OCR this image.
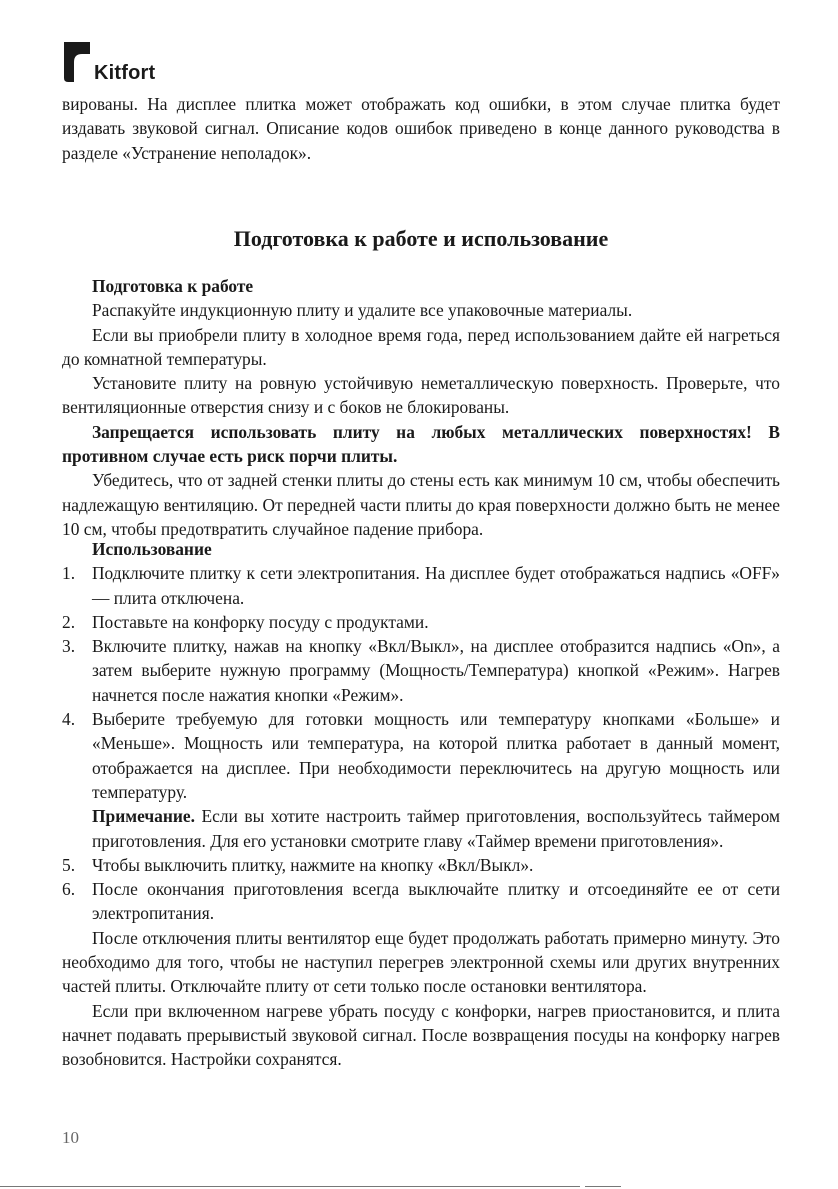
Kitfort

вированы. На дисплее плитка может отображать код ошибки, в этом случае плитка будет издавать звуковой сигнал. Описание кодов ошибок приведено в конце данного руководства в разделе «Устранение неполадок».

Подготовка к работе и использование

Подготовка к работе

Распакуйте индукционную плиту и удалите все упаковочные материалы.

Если вы приобрели плиту в холодное время года, перед использованием дайте ей нагреться до комнатной температуры.

Установите плиту на ровную устойчивую неметаллическую поверхность. Проверьте, что вентиляционные отверстия снизу и с боков не блокированы.

Запрещается использовать плиту на любых металлических поверхностях! В противном случае есть риск порчи плиты.

Убедитесь, что от задней стенки плиты до стены есть как минимум 10 см, чтобы обеспечить надлежащую вентиляцию. От передней части плиты до края поверхности должно быть не менее 10 см, чтобы предотвратить случайное падение прибора.

Использование

1. Подключите плитку к сети электропитания. На дисплее будет отображаться надпись «OFF» — плита отключена.
2. Поставьте на конфорку посуду с продуктами.
3. Включите плитку, нажав на кнопку «Вкл/Выкл», на дисплее отобразится надпись «On», а затем выберите нужную программу (Мощность/Температура) кнопкой «Режим». Нагрев начнется после нажатия кнопки «Режим».
4. Выберите требуемую для готовки мощность или температуру кнопками «Больше» и «Меньше». Мощность или температура, на которой плитка работает в данный момент, отображается на дисплее. При необходимости переключитесь на другую мощность или температуру.

Примечание. Если вы хотите настроить таймер приготовления, воспользуйтесь таймером приготовления. Для его установки смотрите главу «Таймер времени приготовления».

5. Чтобы выключить плитку, нажмите на кнопку «Вкл/Выкл».
6. После окончания приготовления всегда выключайте плитку и отсоединяйте ее от сети электропитания.

После отключения плиты вентилятор еще будет продолжать работать примерно минуту. Это необходимо для того, чтобы не наступил перегрев электронной схемы или других внутренних частей плиты. Отключайте плиту от сети только после остановки вентилятора.

Если при включенном нагреве убрать посуду с конфорки, нагрев приостановится, и плита начнет подавать прерывистый звуковой сигнал. После возвращения посуды на конфорку нагрев возобновится. Настройки сохранятся.

10
